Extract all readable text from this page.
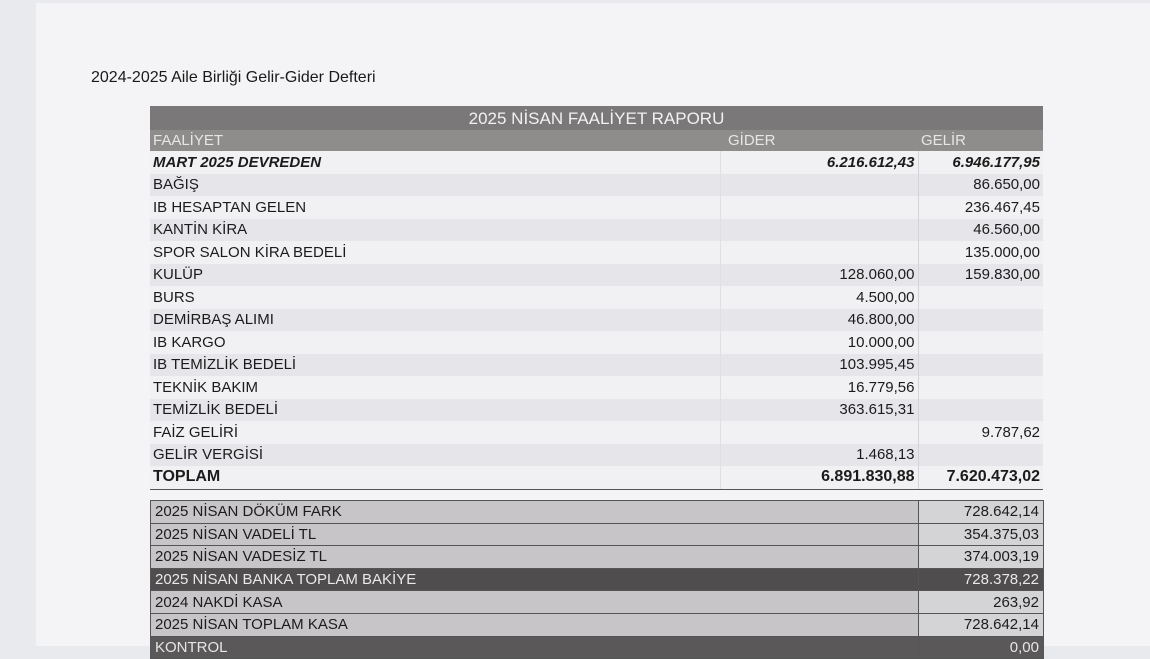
2024-2025 Aile Birliği Gelir-Gider Defteri
2025 NİSAN FAALİYET RAPORU
FAALİYET	GİDER	GELİR
MART 2025 DEVREDEN	6.216.612,43	6.946.177,95
BAĞIŞ		86.650,00
IB HESAPTAN GELEN		236.467,45
KANTİN KİRA		46.560,00
SPOR SALON KİRA BEDELİ		135.000,00
KULÜP	128.060,00	159.830,00
BURS	4.500,00	
DEMİRBAŞ ALIMI	46.800,00	
IB KARGO	10.000,00	
IB TEMİZLİK BEDELİ	103.995,45	
TEKNİK BAKIM	16.779,56	
TEMİZLİK BEDELİ	363.615,31	
FAİZ GELİRİ		9.787,62
GELİR VERGİSİ	1.468,13	
TOPLAM	6.891.830,88	7.620.473,02
2025 NİSAN DÖKÜM FARK	728.642,14
2025 NİSAN VADELİ TL	354.375,03
2025 NİSAN VADESİZ TL	374.003,19
2025 NİSAN BANKA TOPLAM BAKİYE	728.378,22
2024 NAKDİ KASA	263,92
2025 NİSAN TOPLAM KASA	728.642,14
KONTROL	0,00
